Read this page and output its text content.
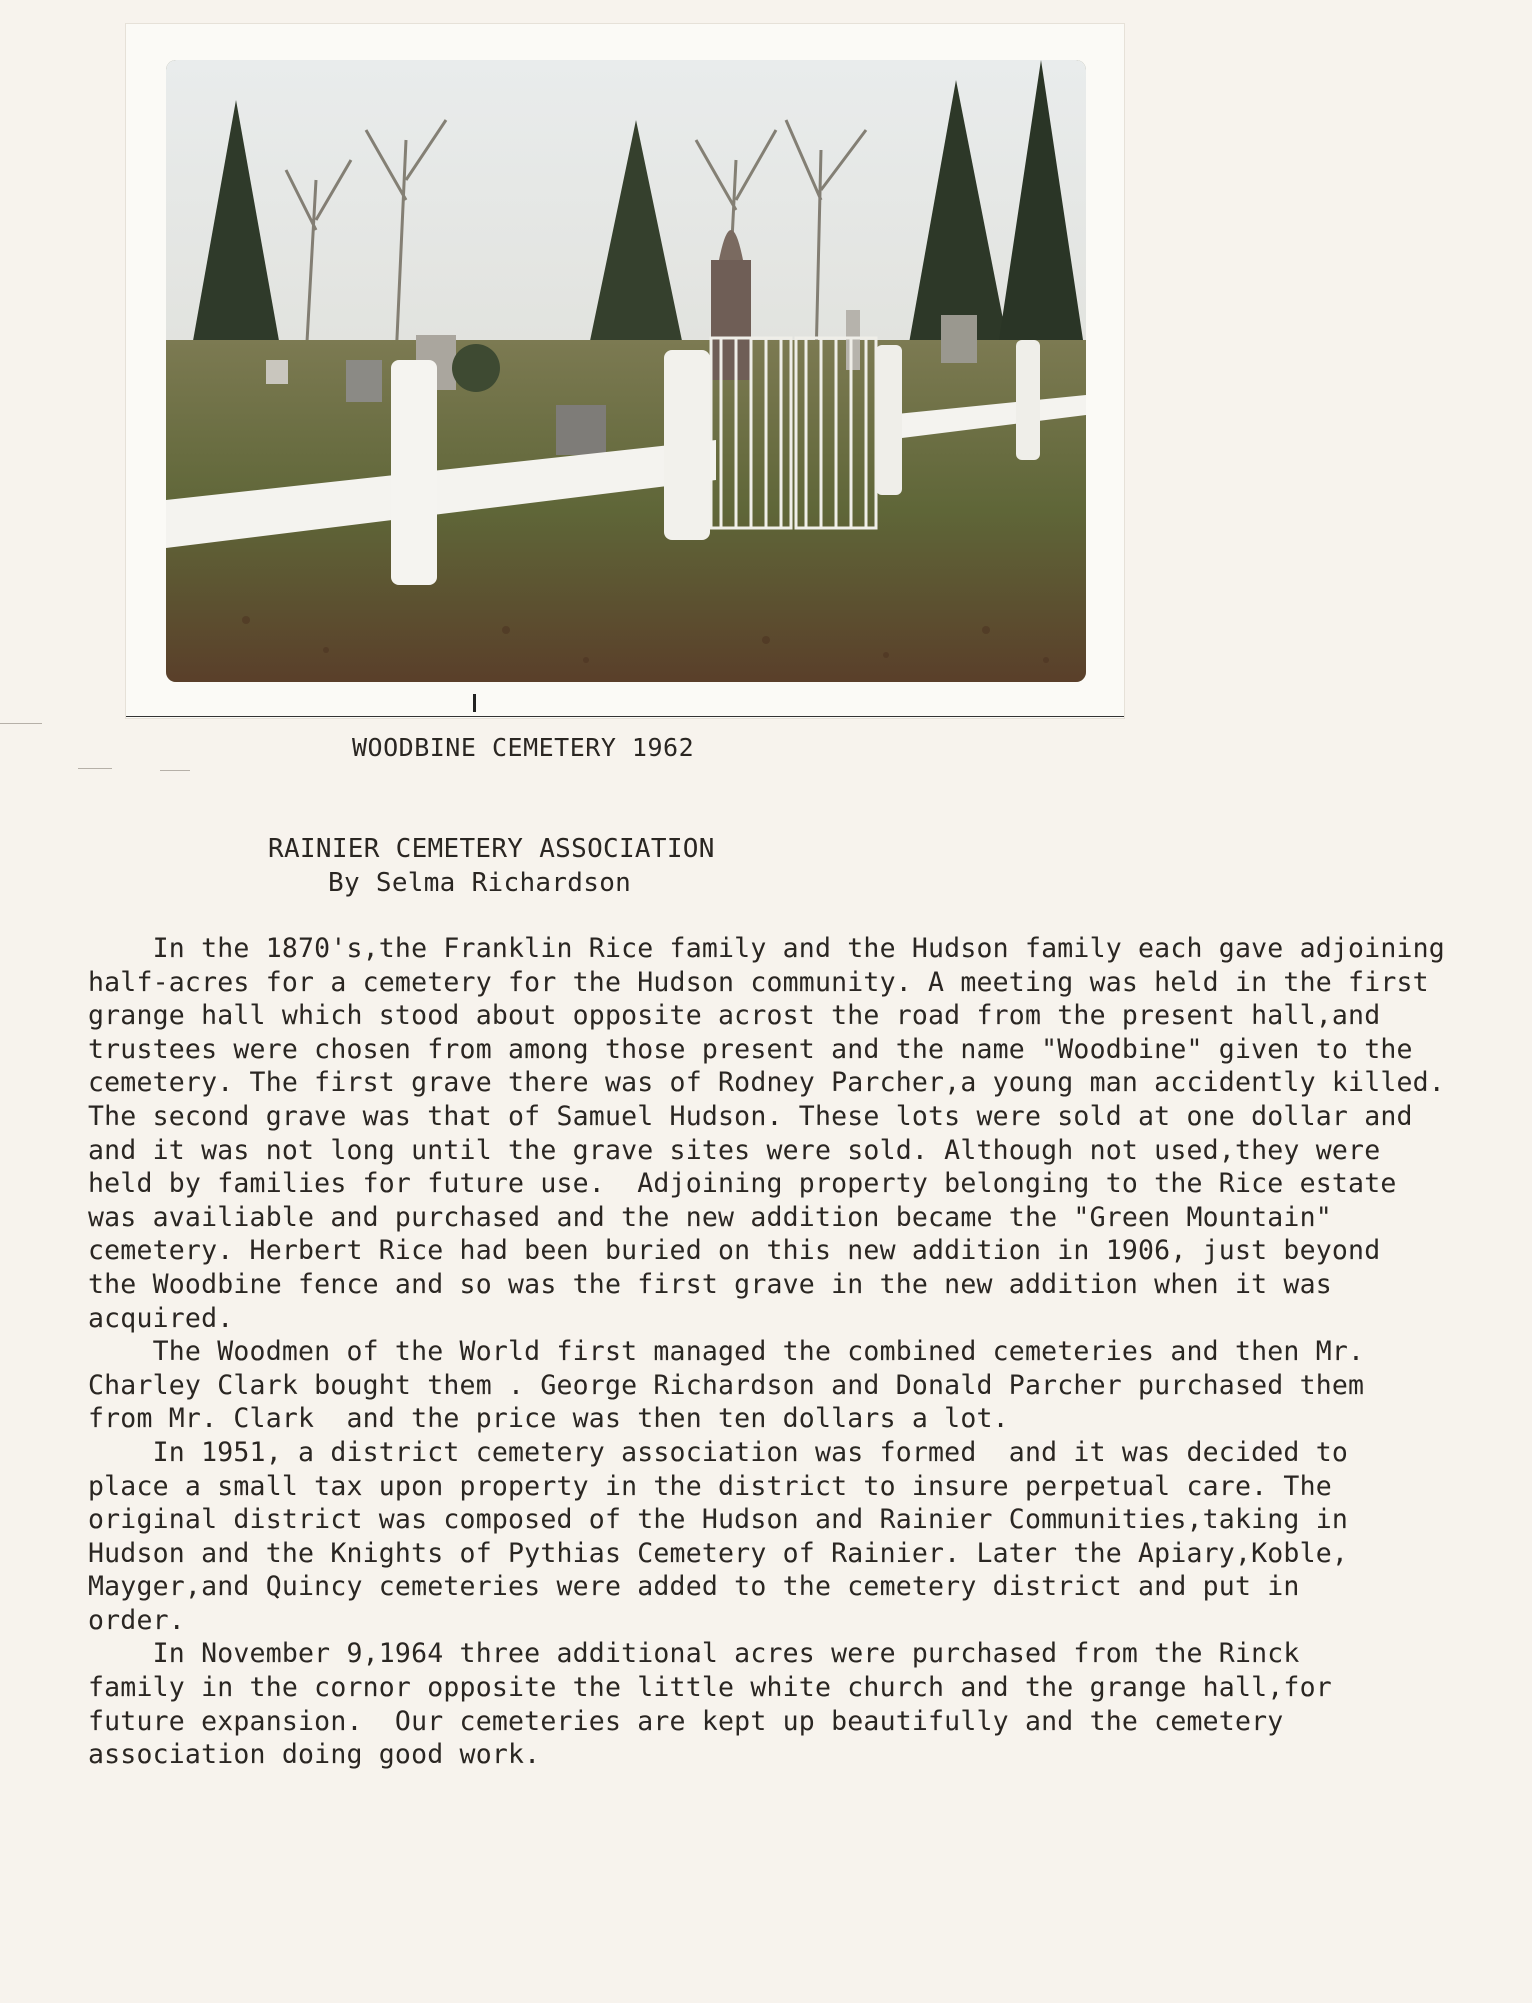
WOODBINE CEMETERY 1962
RAINIER CEMETERY ASSOCIATION
By Selma Richardson
In the 1870's,the Franklin Rice family and the Hudson family each gave adjoining
half-acres for a cemetery for the Hudson community. A meeting was held in the first
grange hall which stood about opposite acrost the road from the present hall,and
trustees were chosen from among those present and the name "Woodbine" given to the
cemetery. The first grave there was of Rodney Parcher,a young man accidently killed.
The second grave was that of Samuel Hudson. These lots were sold at one dollar and
and it was not long until the grave sites were sold. Although not used,they were
held by families for future use.  Adjoining property belonging to the Rice estate
was availiable and purchased and the new addition became the "Green Mountain"
cemetery. Herbert Rice had been buried on this new addition in 1906, just beyond
the Woodbine fence and so was the first grave in the new addition when it was
acquired.
The Woodmen of the World first managed the combined cemeteries and then Mr.
Charley Clark bought them . George Richardson and Donald Parcher purchased them
from Mr. Clark  and the price was then ten dollars a lot.
In 1951, a district cemetery association was formed  and it was decided to
place a small tax upon property in the district to insure perpetual care. The
original district was composed of the Hudson and Rainier Communities,taking in
Hudson and the Knights of Pythias Cemetery of Rainier. Later the Apiary,Koble,
Mayger,and Quincy cemeteries were added to the cemetery district and put in
order.
In November 9,1964 three additional acres were purchased from the Rinck
family in the cornor opposite the little white church and the grange hall,for
future expansion.  Our cemeteries are kept up beautifully and the cemetery
association doing good work.
